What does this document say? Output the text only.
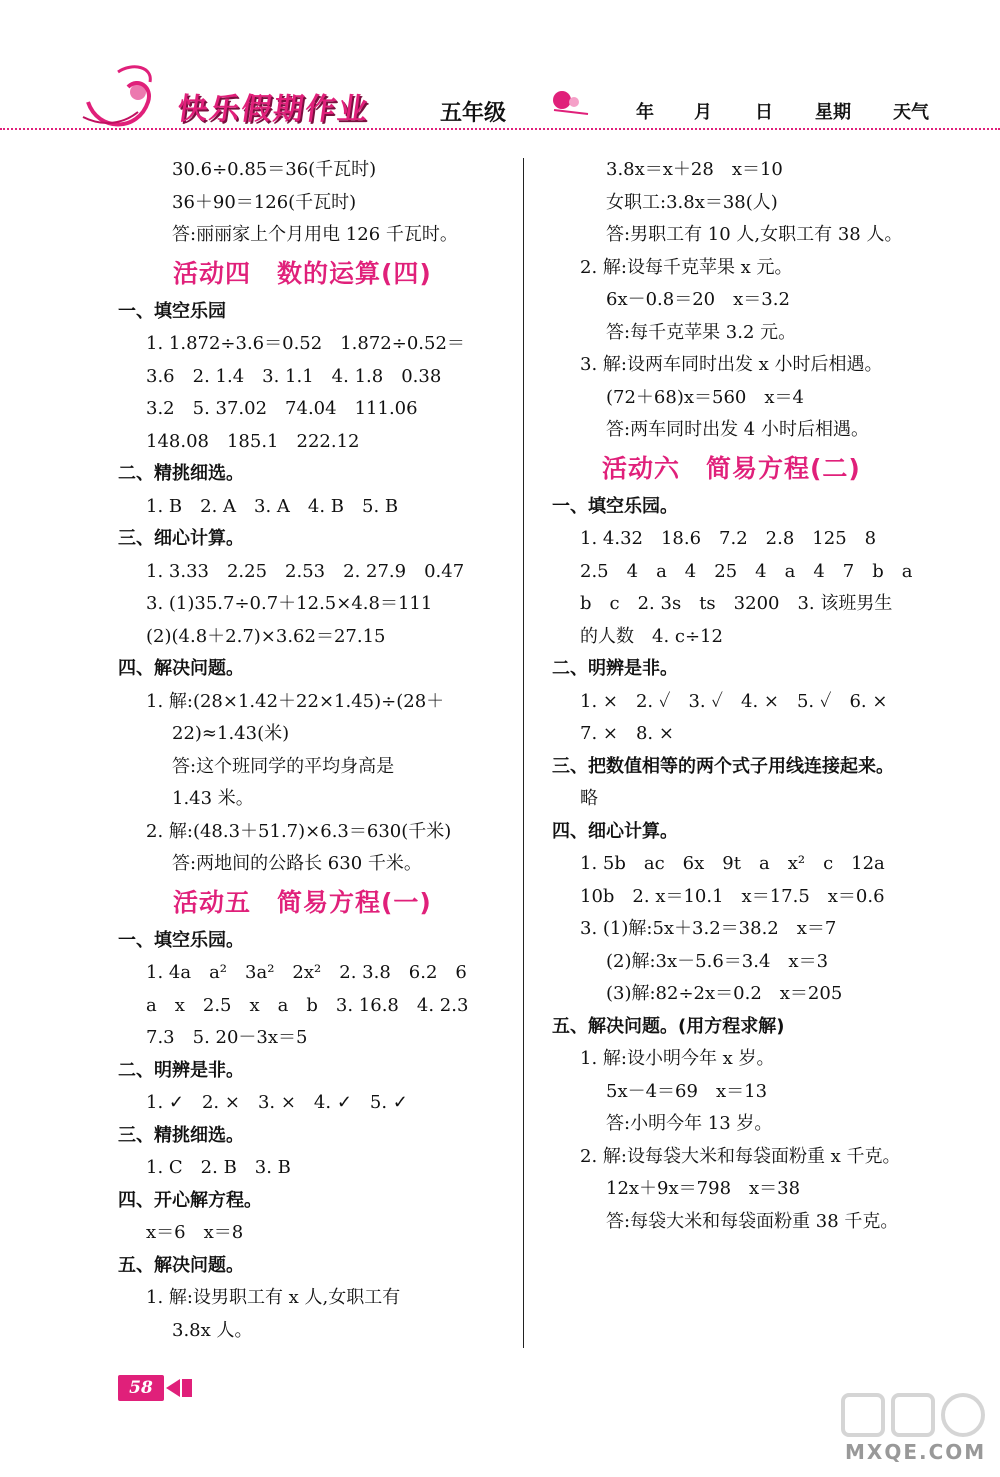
快乐假期作业	五年级	年 月 日 星期 天气
30.6÷0.85＝36(千瓦时)
36＋90＝126(千瓦时)
答:丽丽家上个月用电 126 千瓦时。
活动四　数的运算(四)
一、填空乐园
1. 1.872÷3.6＝0.52　1.872÷0.52＝
3.6　2. 1.4　3. 1.1　4. 1.8　0.38
3.2　5. 37.02　74.04　111.06
148.08　185.1　222.12
二、精挑细选。
1. B　2. A　3. A　4. B　5. B
三、细心计算。
1. 3.33　2.25　2.53　2. 27.9　0.47
3. (1)35.7÷0.7＋12.5×4.8＝111
(2)(4.8＋2.7)×3.62＝27.15
四、解决问题。
1. 解:(28×1.42＋22×1.45)÷(28＋
22)≈1.43(米)
答:这个班同学的平均身高是
1.43 米。
2. 解:(48.3＋51.7)×6.3＝630(千米)
答:两地间的公路长 630 千米。
活动五　简易方程(一)
一、填空乐园。
1. 4a　a²　3a²　2x²　2. 3.8　6.2　6
a　x　2.5　x　a　b　3. 16.8　4. 2.3
7.3　5. 20－3x＝5
二、明辨是非。
1. ✓　2. ×　3. ×　4. ✓　5. ✓
三、精挑细选。
1. C　2. B　3. B
四、开心解方程。
x＝6　x＝8
五、解决问题。
1. 解:设男职工有 x 人,女职工有
3.8x 人。
3.8x＝x＋28　x＝10
女职工:3.8x＝38(人)
答:男职工有 10 人,女职工有 38 人。
2. 解:设每千克苹果 x 元。
6x－0.8＝20　x＝3.2
答:每千克苹果 3.2 元。
3. 解:设两车同时出发 x 小时后相遇。
(72＋68)x＝560　x＝4
答:两车同时出发 4 小时后相遇。
活动六　简易方程(二)
一、填空乐园。
1. 4.32　18.6　7.2　2.8　125　8
2.5　4　a　4　25　4　a　4　7　b　a
b　c　2. 3s　ts　3200　3. 该班男生
的人数　4. c÷12
二、明辨是非。
1. ×　2. ✓　3. ✓　4. ×　5. ✓　6. ×
7. ×　8. ×
三、把数值相等的两个式子用线连接起来。
略
四、细心计算。
1. 5b　ac　6x　9t　a　x²　c　12a
10b　2. x＝10.1　x＝17.5　x＝0.6
3. (1)解:5x＋3.2＝38.2　x＝7
(2)解:3x－5.6＝3.4　x＝3
(3)解:82÷2x＝0.2　x＝205
五、解决问题。(用方程求解)
1. 解:设小明今年 x 岁。
5x－4＝69　x＝13
答:小明今年 13 岁。
2. 解:设每袋大米和每袋面粉重 x 千克。
12x＋9x＝798　x＝38
答:每袋大米和每袋面粉重 38 千克。
58
MXQE.COM
